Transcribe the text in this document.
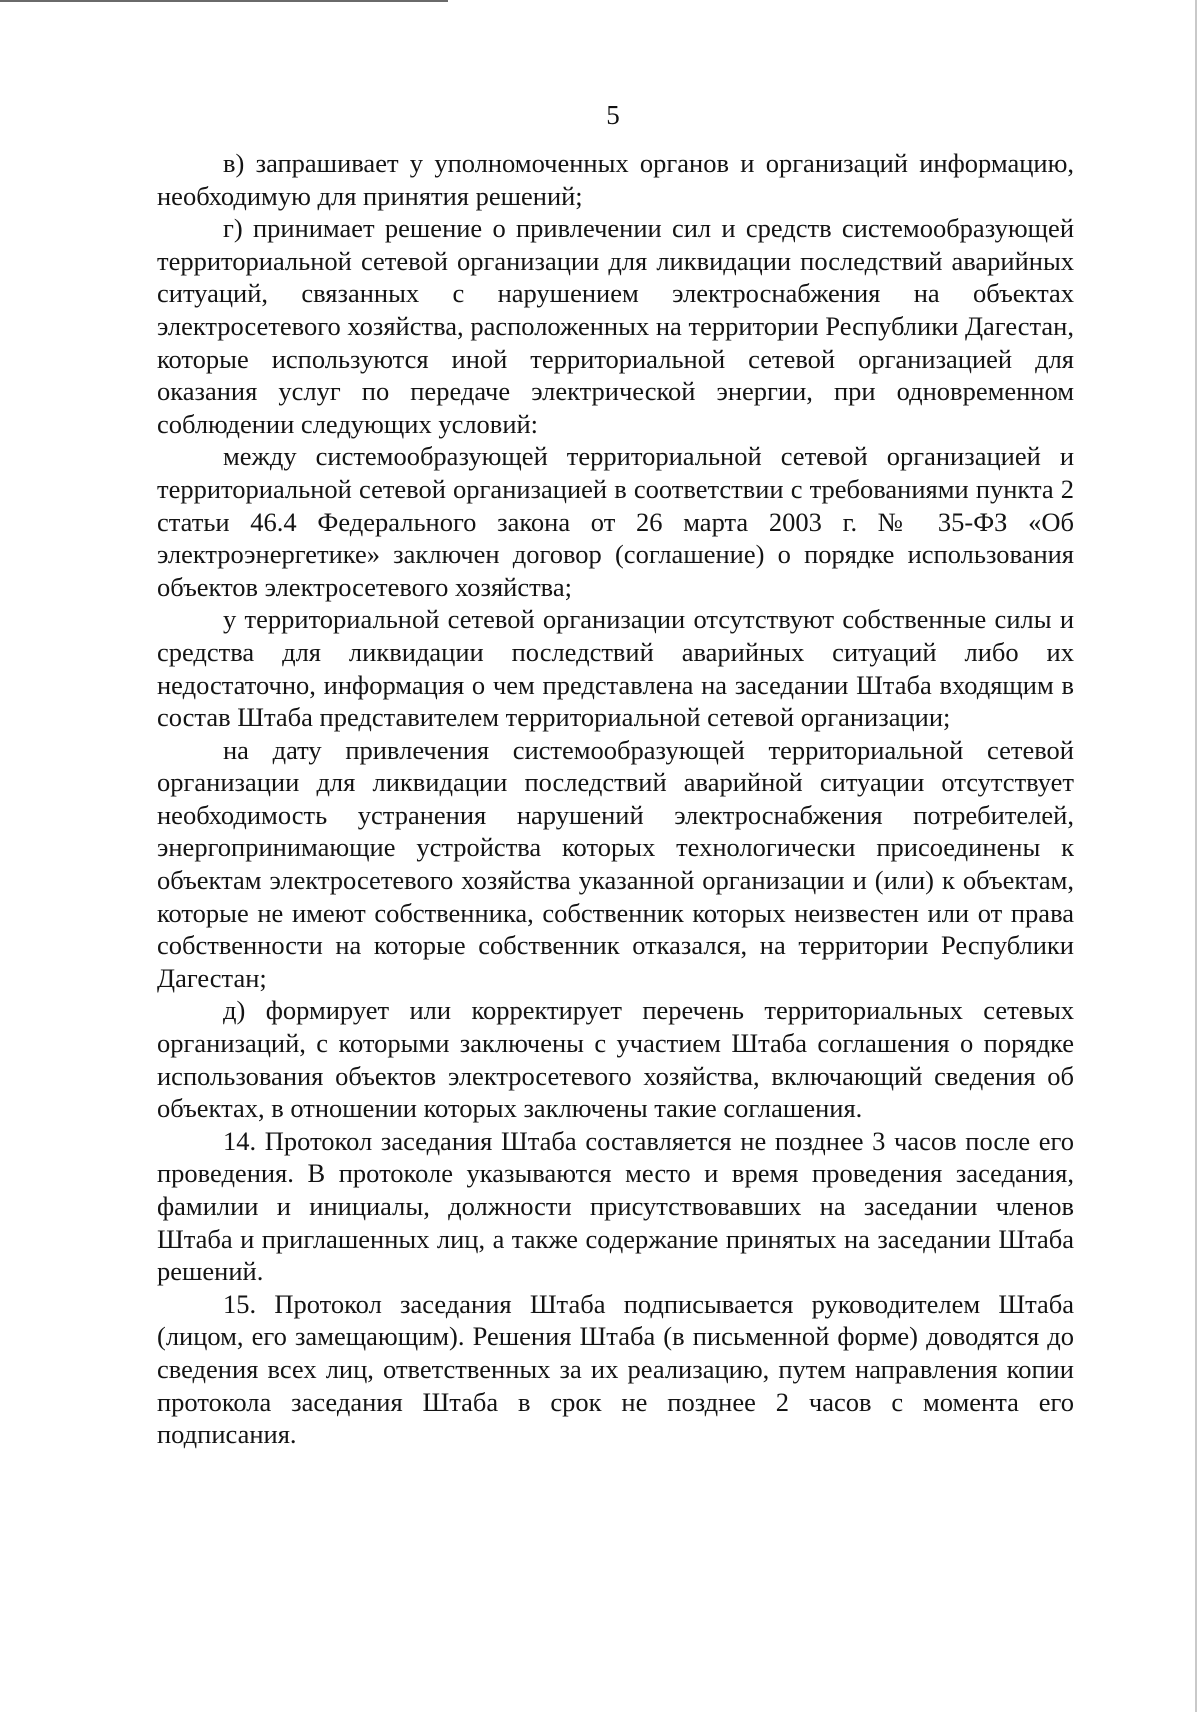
5

в) запрашивает у уполномоченных органов и организаций информацию, необходимую для принятия решений;

г) принимает решение о привлечении сил и средств системообразующей территориальной сетевой организации для ликвидации последствий аварийных ситуаций, связанных с нарушением электроснабжения на объектах электросетевого хозяйства, расположенных на территории Республики Дагестан, которые используются иной территориальной сетевой организацией для оказания услуг по передаче электрической энергии, при одновременном соблюдении следующих условий:

между системообразующей территориальной сетевой организацией и территориальной сетевой организацией в соответствии с требованиями пункта 2 статьи 46.4 Федерального закона от 26 марта 2003 г. № 35-ФЗ «Об электроэнергетике» заключен договор (соглашение) о порядке использования объектов электросетевого хозяйства;

у территориальной сетевой организации отсутствуют собственные силы и средства для ликвидации последствий аварийных ситуаций либо их недостаточно, информация о чем представлена на заседании Штаба входящим в состав Штаба представителем территориальной сетевой организации;

на дату привлечения системообразующей территориальной сетевой организации для ликвидации последствий аварийной ситуации отсутствует необходимость устранения нарушений электроснабжения потребителей, энергопринимающие устройства которых технологически присоединены к объектам электросетевого хозяйства указанной организации и (или) к объектам, которые не имеют собственника, собственник которых неизвестен или от права собственности на которые собственник отказался, на территории Республики Дагестан;

д) формирует или корректирует перечень территориальных сетевых организаций, с которыми заключены с участием Штаба соглашения о порядке использования объектов электросетевого хозяйства, включающий сведения об объектах, в отношении которых заключены такие соглашения.

14. Протокол заседания Штаба составляется не позднее 3 часов после его проведения. В протоколе указываются место и время проведения заседания, фамилии и инициалы, должности присутствовавших на заседании членов Штаба и приглашенных лиц, а также содержание принятых на заседании Штаба решений.

15. Протокол заседания Штаба подписывается руководителем Штаба (лицом, его замещающим). Решения Штаба (в письменной форме) доводятся до сведения всех лиц, ответственных за их реализацию, путем направления копии протокола заседания Штаба в срок не позднее 2 часов с момента его подписания.
